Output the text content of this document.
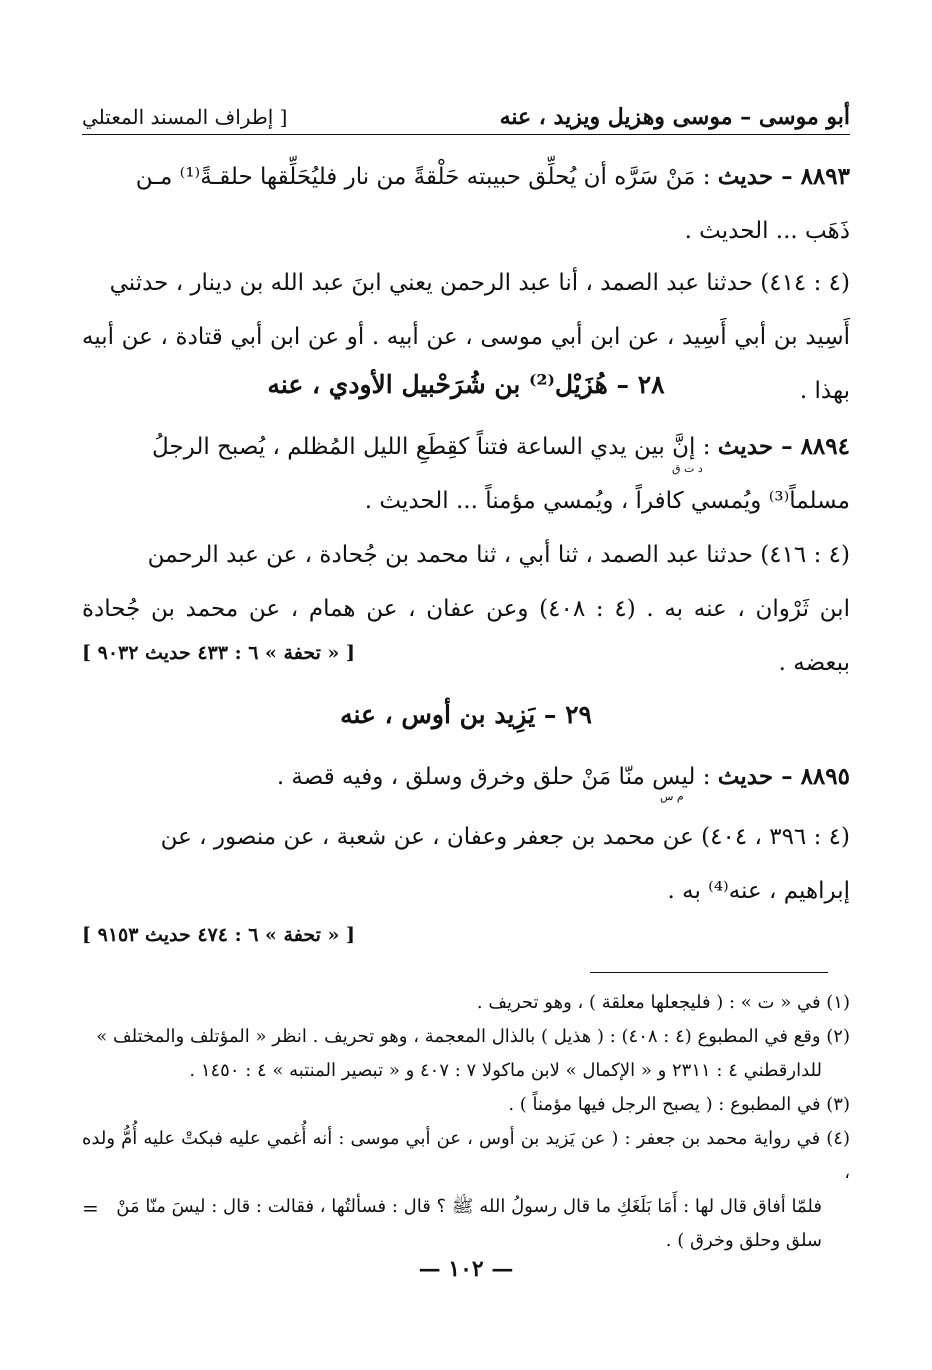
أبو موسى – موسى وهزيل ويزيد ، عنه
[ إطراف المسند المعتلي
٨٨٩٣ – حديث : مَنْ سَرَّه أن يُحلِّق حبيبته حَلْقةً من نار فليُحَلِّقها حلقـةً⁽¹⁾ مـن
ذَهَب ... الحديث .
(٤ : ٤١٤) حدثنا عبد الصمد ، أنا عبد الرحمن يعني ابنَ عبد الله بن دينار ، حدثني
أَسِيد بن أبي أَسِيد ، عن ابن أبي موسى ، عن أبيه . أو عن ابن أبي قتادة ، عن أبيه بهذا .
٢٨ – هُزَيْل⁽²⁾ بن شُرَحْبيل الأودي ، عنه
٨٨٩٤ – حديث : إنَّ بين يدي الساعة فتناً كقِطَعِ الليل المُظلم ، يُصبح الرجلُ
مسلماً⁽³⁾ ويُمسي كافراً ، ويُمسي مؤمناً ... الحديث .
د ت ق
(٤ : ٤١٦) حدثنا عبد الصمد ، ثنا أبي ، ثنا محمد بن جُحادة ، عن عبد الرحمن
ابن ثَرْوان ، عنه به . (٤ : ٤٠٨) وعن عفان ، عن همام ، عن محمد بن جُحادة ببعضه .
[ « تحفة » ٦ : ٤٣٣ حديث ٩٠٣٢ ]
٢٩ – يَزِيد بن أوس ، عنه
٨٨٩٥ – حديث : ليس منّا مَنْ حلق وخرق وسلق ، وفيه قصة .
م س
(٤ : ٣٩٦ ، ٤٠٤) عن محمد بن جعفر وعفان ، عن شعبة ، عن منصور ، عن
إبراهيم ، عنه⁽⁴⁾ به .
[ « تحفة » ٦ : ٤٧٤ حديث ٩١٥٣ ]
(١) في « ت » : ( فليجعلها معلقة ) ، وهو تحريف .
(٢) وقع في المطبوع (٤ : ٤٠٨) : ( هذيل ) بالذال المعجمة ، وهو تحريف . انظر « المؤتلف والمختلف »
للدارقطني ٤ : ٢٣١١ و « الإكمال » لابن ماكولا ٧ : ٤٠٧ و « تبصير المنتبه » ٤ : ١٤٥٠ .
(٣) في المطبوع : ( يصبح الرجل فيها مؤمناً ) .
(٤) في رواية محمد بن جعفر : ( عن يَزيد بن أوس ، عن أبي موسى : أنه أُغمي عليه فبكتْ عليه أُمُّ ولده ،
فلمّا أفاق قال لها : أَمَا بَلَغَكِ ما قال رسولُ الله ﷺ ؟ قال : فسألتُها ، فقالت : قال : ليسَ منّا مَنْ
سلق وحلق وخرق ) .
=
— ١٠٢ —
